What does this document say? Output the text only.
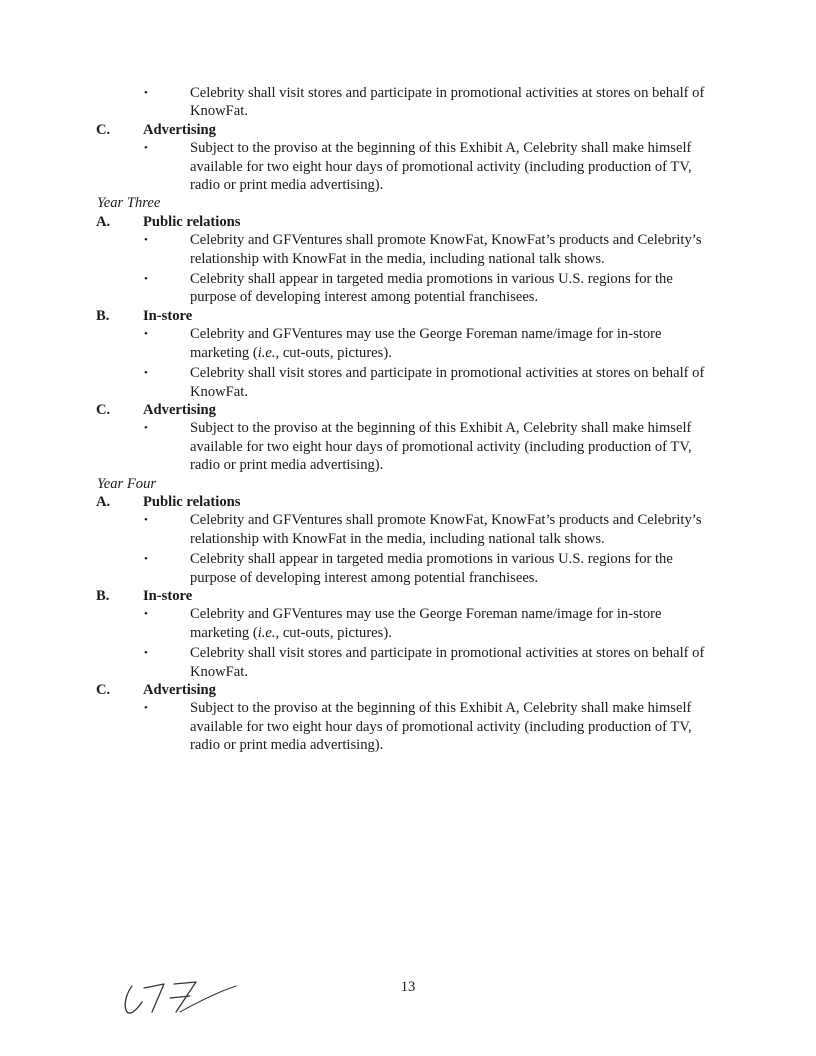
• Celebrity shall visit stores and participate in promotional activities at stores on behalf of KnowFat.
C. Advertising
• Subject to the proviso at the beginning of this Exhibit A, Celebrity shall make himself available for two eight hour days of promotional activity (including production of TV, radio or print media advertising).
Year Three
A. Public relations
• Celebrity and GFVentures shall promote KnowFat, KnowFat’s products and Celebrity’s relationship with KnowFat in the media, including national talk shows.
• Celebrity shall appear in targeted media promotions in various U.S. regions for the purpose of developing interest among potential franchisees.
B. In-store
• Celebrity and GFVentures may use the George Foreman name/image for in-store marketing (i.e., cut-outs, pictures).
• Celebrity shall visit stores and participate in promotional activities at stores on behalf of KnowFat.
C. Advertising
• Subject to the proviso at the beginning of this Exhibit A, Celebrity shall make himself available for two eight hour days of promotional activity (including production of TV, radio or print media advertising).
Year Four
A. Public relations
• Celebrity and GFVentures shall promote KnowFat, KnowFat’s products and Celebrity’s relationship with KnowFat in the media, including national talk shows.
• Celebrity shall appear in targeted media promotions in various U.S. regions for the purpose of developing interest among potential franchisees.
B. In-store
• Celebrity and GFVentures may use the George Foreman name/image for in-store marketing (i.e., cut-outs, pictures).
• Celebrity shall visit stores and participate in promotional activities at stores on behalf of KnowFat.
C. Advertising
• Subject to the proviso at the beginning of this Exhibit A, Celebrity shall make himself available for two eight hour days of promotional activity (including production of TV, radio or print media advertising).
13
